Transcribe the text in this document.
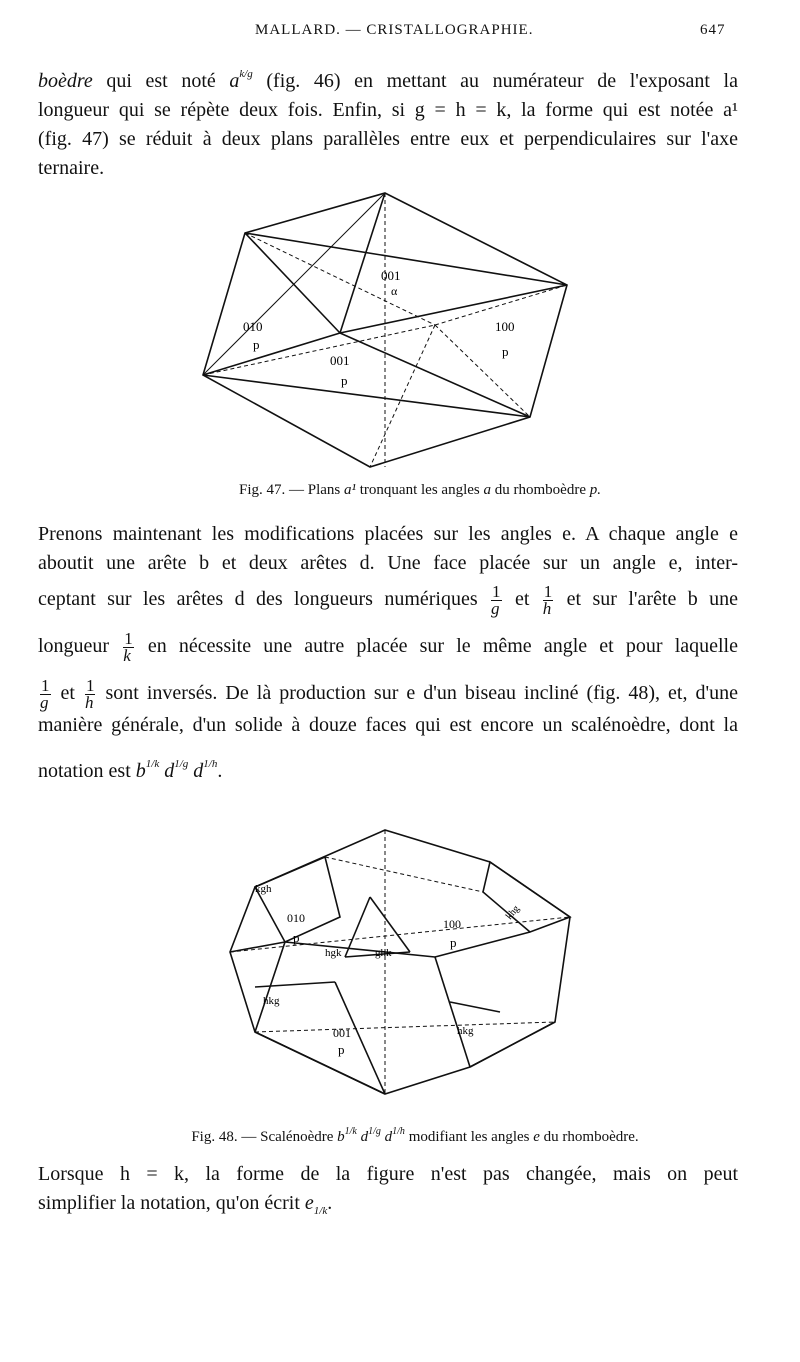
MALLARD. — CRISTALLOGRAPHIE.	647
boèdre qui est noté $a^{k/g}$ (fig. 46) en mettant au numérateur de l'exposant la
longueur qui se répète deux fois. Enfin, si g = h = k, la forme qui est notée a¹
(fig. 47) se réduit à deux plans parallèles entre eux et perpendiculaires sur l'axe
ternaire.
001
α
010
p
100
p
001
p
Fig. 47. — Plans a¹ tronquant les angles a du rhomboèdre p.
Prenons maintenant les modifications placées sur les angles e. A chaque angle e
aboutit une arête b et deux arêtes d. Une face placée sur un angle e, inter-
ceptant sur les arêtes d des longueurs numériques $\frac{1}{g}$ et $\frac{1}{h}$ et sur l'arête b une
longueur $\frac{1}{k}$ en nécessite une autre placée sur le même angle et pour laquelle
$\frac{1}{g}$ et $\frac{1}{h}$ sont inversés. De là production sur e d'un biseau incliné (fig. 48), et, d'une
manière générale, d'un solide à douze faces qui est encore un scalénoèdre, dont la
notation est $b^{1/k}$ $d^{1/g}$ $d^{1/h}$.
kgh
010
p
100
p
hgk	ghk
hkg
001
p
hkg
khg
Fig. 48. — Scalénoèdre $b^{1/k}$ $d^{1/g}$ $d^{1/h}$ modifiant les angles e du rhomboèdre.
Lorsque h = k, la forme de la figure n'est pas changée, mais on peut
simplifier la notation, qu'on écrit $e_{1/k}$.
